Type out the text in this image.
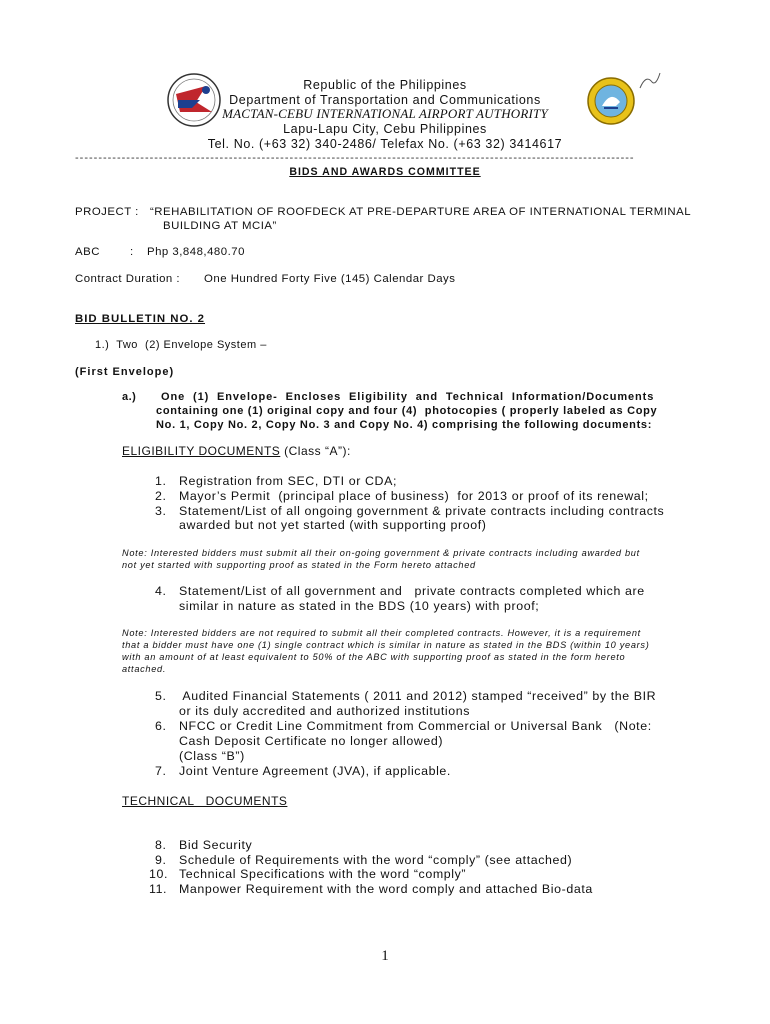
Republic of the Philippines
Department of Transportation and Communications
MACTAN-CEBU INTERNATIONAL AIRPORT AUTHORITY
Lapu-Lapu City, Cebu Philippines
Tel. No. (+63 32) 340-2486/ Telefax No. (+63 32) 3414617
------------------------------------------------------------------------------------------------------------------------
BIDS AND AWARDS COMMITTEE
PROJECT : “REHABILITATION OF ROOFDECK AT PRE-DEPARTURE AREA OF INTERNATIONAL TERMINAL
BUILDING AT MCIA”
ABC	: Php 3,848,480.70
Contract Duration : One Hundred Forty Five (145) Calendar Days
BID BULLETIN NO. 2
1.)  Two  (2) Envelope System –
(First Envelope)
a.) One  (1)  Envelope-  Encloses  Eligibility  and  Technical  Information/Documents
containing one (1) original copy and four (4)  photocopies ( properly labeled as Copy
No. 1, Copy No. 2, Copy No. 3 and Copy No. 4) comprising the following documents:
ELIGIBILITY DOCUMENTS (Class “A”):
1. Registration from SEC, DTI or CDA;
2. Mayor’s Permit  (principal place of business)  for 2013 or proof of its renewal;
3. Statement/List of all ongoing government & private contracts including contracts
awarded but not yet started (with supporting proof)
Note: Interested bidders must submit all their on-going government & private contracts including awarded but
not yet started with supporting proof as stated in the Form hereto attached
4. Statement/List of all government and   private contracts completed which are
similar in nature as stated in the BDS (10 years) with proof;
Note: Interested bidders are not required to submit all their completed contracts. However, it is a requirement
that a bidder must have one (1) single contract which is similar in nature as stated in the BDS (within 10 years)
with an amount of at least equivalent to 50% of the ABC with supporting proof as stated in the form hereto
attached.
5. Audited Financial Statements ( 2011 and 2012) stamped “received” by the BIR
or its duly accredited and authorized institutions
6. NFCC or Credit Line Commitment from Commercial or Universal Bank   (Note:
Cash Deposit Certificate no longer allowed)
(Class “B”)
7. Joint Venture Agreement (JVA), if applicable.
TECHNICAL   DOCUMENTS
8. Bid Security
9. Schedule of Requirements with the word “comply” (see attached)
10. Technical Specifications with the word “comply”
11. Manpower Requirement with the word comply and attached Bio-data
1
